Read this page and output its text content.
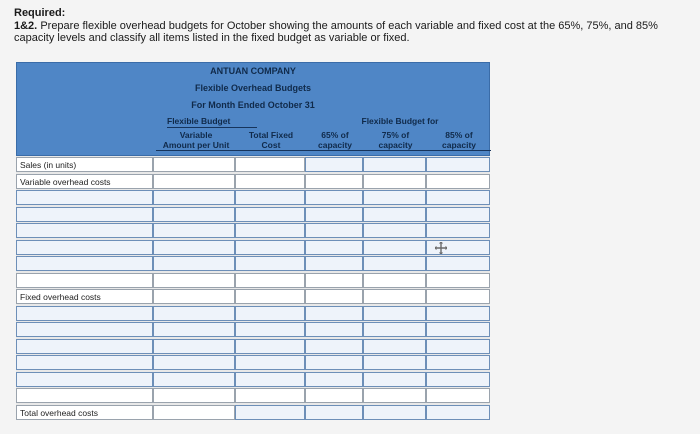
Required:
1&2. Prepare flexible overhead budgets for October showing the amounts of each variable and fixed cost at the 65%, 75%, and 85% capacity levels and classify all items listed in the fixed budget as variable or fixed.
ANTUAN COMPANY
Flexible Overhead Budgets
For Month Ended October 31
Flexible Budget	Flexible Budget for
Variable
Amount per Unit
Total Fixed
Cost
65% of
capacity
75% of
capacity
85% of
capacity
Sales (in units)
Variable overhead costs
Fixed overhead costs
Total overhead costs
